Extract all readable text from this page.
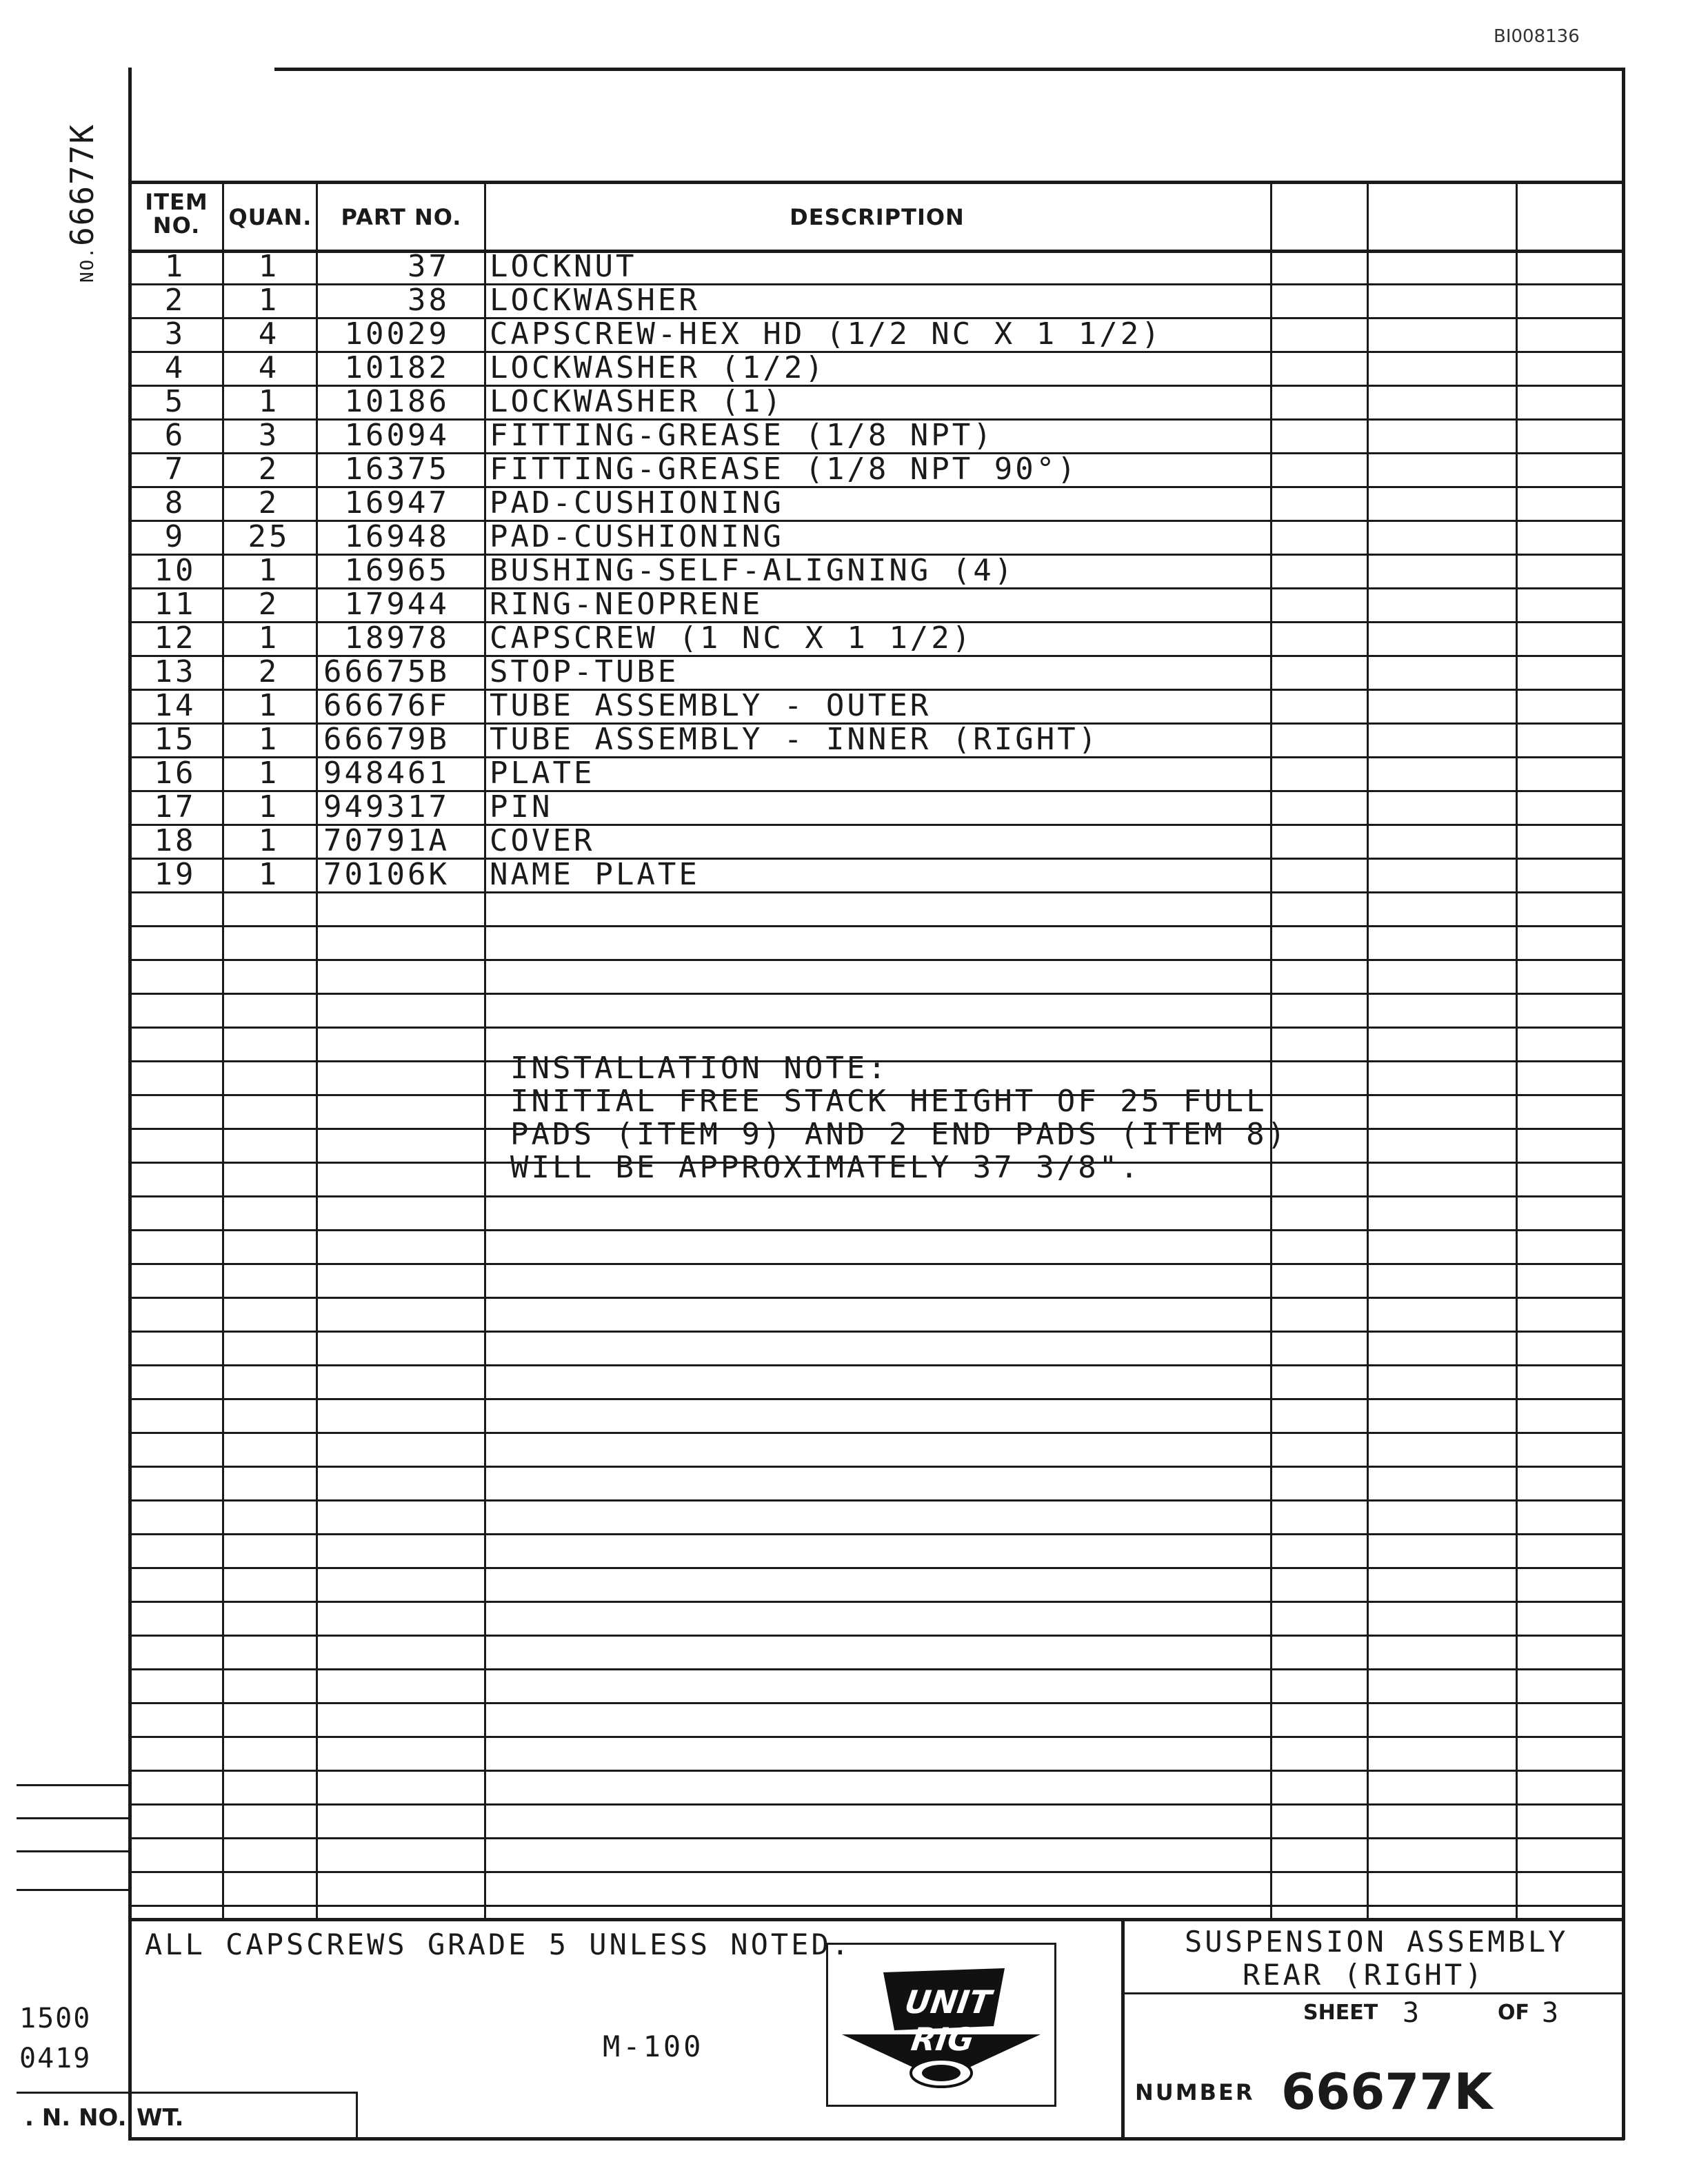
BI008136
NO.66677K	ITEM NO.	QUAN.	PART NO.	DESCRIPTION
1	1	37 LOCKNUT
2	1	38 LOCKWASHER
3	4	10029 CAPSCREW-HEX HD (1/2 NC X 1 1/2)
4	4	10182 LOCKWASHER (1/2)
5	1	10186 LOCKWASHER (1)
6	3	16094 FITTING-GREASE (1/8 NPT)
7	2	16375 FITTING-GREASE (1/8 NPT 90°)
8	2	16947 PAD-CUSHIONING
9	25	16948 PAD-CUSHIONING
10	1	16965 BUSHING-SELF-ALIGNING (4)
11	2	17944 RING-NEOPRENE
12	1	18978 CAPSCREW (1 NC X 1 1/2)
13	2	66675B STOP-TUBE
14	1	66676F TUBE ASSEMBLY - OUTER
15	1	66679B TUBE ASSEMBLY - INNER (RIGHT)
16	1	948461 PLATE
17	1	949317 PIN
18	1	70791A COVER
19	1	70106K NAME PLATE
INSTALLATION NOTE:
INITIAL FREE STACK HEIGHT OF 25 FULL
PADS (ITEM 9) AND 2 END PADS (ITEM 8)
WILL BE APPROXIMATELY 37 3/8".
ALL CAPSCREWS GRADE 5 UNLESS NOTED.
M-100
UNIT RIG
SUSPENSION ASSEMBLY
REAR (RIGHT)
SHEET 3	OF 3
NUMBER 66677K
. N. NO. WT.
1500
0419
